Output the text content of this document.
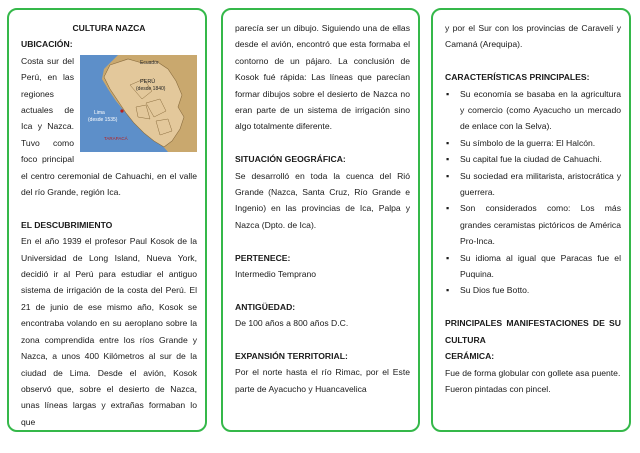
CULTURA NAZCA
UBICACIÓN:
Ecuador
PERÚ
(desde 1840)
Lima
(desde 1535)
TARAPACÁ
Costa sur del Perú, en las regiones actuales de Ica y Nazca. Tuvo como foco principal el centro ceremonial de Cahuachi, en el valle del río Grande, región Ica.
EL DESCUBRIMIENTO
En el año 1939 el profesor Paul Kosok de la Universidad de Long Island, Nueva York, decidió ir al Perú para estudiar el antiguo sistema de irrigación de la costa del Perú. El 21 de junio de ese mismo año, Kosok se encontraba volando en su aeroplano sobre la zona comprendida entre los ríos Grande y Nazca, a unos 400 Kilómetros al sur de la ciudad de Lima. Desde el avión, Kosok observó que, sobre el desierto de Nazca, unas líneas largas y extrañas formaban lo que
parecía ser un dibujo. Siguiendo una de ellas desde el avión, encontró que esta formaba el contorno de un pájaro. La conclusión de Kosok fué rápida: Las líneas que parecían formar dibujos sobre el desierto de Nazca no eran parte de un sistema de irrigación sino algo totalmente diferente.
SITUACIÓN GEOGRÁFICA:
Se desarrolló en toda la cuenca del Rió Grande (Nazca, Santa Cruz, Río Grande e Ingenio) en las provincias de Ica, Palpa y Nazca (Dpto. de Ica).
PERTENECE:
Intermedio Temprano
ANTIGÜEDAD:
De 100 años a 800 años D.C.
EXPANSIÓN TERRITORIAL:
Por el norte hasta el río Rimac, por el Este parte de Ayacucho y Huancavelica
y por el Sur con los provincias de Caravelí y Camaná (Arequipa).
CARACTERÍSTICAS PRINCIPALES:
▪ Su economía se basaba en la agricultura y comercio (como Ayacucho un mercado de enlace con la Selva).
▪ Su símbolo de la guerra: El Halcón.
▪ Su capital fue la ciudad de Cahuachi.
▪ Su sociedad era militarista, aristocrática y guerrera.
▪ Son considerados como: Los más grandes ceramistas pictóricos de América Pro-Inca.
▪ Su idioma al igual que Paracas fue el Puquina.
▪ Su Dios fue Botto.
PRINCIPALES MANIFESTACIONES DE SU CULTURA
CERÁMICA:
Fue de forma globular con gollete asa puente.
Fueron pintadas con pincel.
